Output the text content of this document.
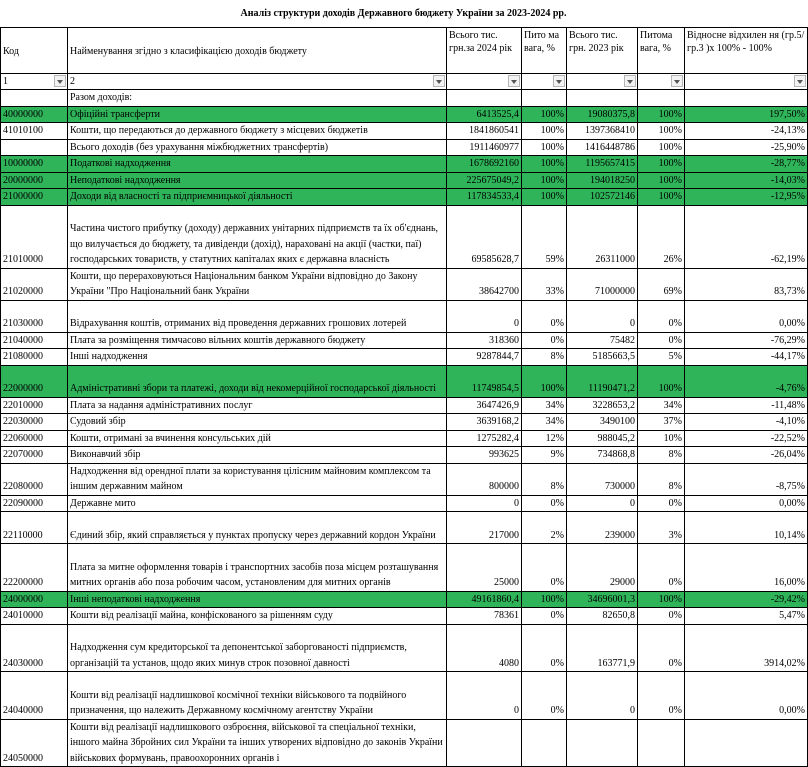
Аналіз структури доходів Державного бюджету України за 2023-2024 рр.
Код	Найменування згідно з класифікацією доходів бюджету	Всього тис. грн.за 2024 рік	Пито ма вага, %	Всього тис. грн. 2023 рік	Питома вага, %	Відносне відхилен ня (гр.5/гр.3 )х 100% - 100%
1	2

	Разом доходів:					
40000000	Офіційні трансферти	6413525,4	100%	19080375,8	100%	197,50%
41010100	Кошти, що передаються до державного бюджету з місцевих бюджетів	1841860541	100%	1397368410	100%	-24,13%
	Всього доходів (без урахування міжбюджетних трансфертів)	1911460977	100%	1416448786	100%	-25,90%
10000000	Податкові надходження	1678692160	100%	1195657415	100%	-28,77%
20000000	Неподаткові надходження	225675049,2	100%	194018250	100%	-14,03%
21000000	Доходи від власності та підприємницької діяльності	117834533,4	100%	102572146	100%	-12,95%
21010000	Частина чистого прибутку (доходу) державних унітарних підприємств та їх об'єднань, що вилучається до бюджету, та дивіденди (дохід), нараховані на акції (частки, паї) господарських товариств, у статутних капіталах яких є державна власність	69585628,7	59%	26311000	26%	-62,19%
21020000	Кошти, що перераховуються Національним банком України відповідно до Закону України "Про Національний банк України	38642700	33%	71000000	69%	83,73%
21030000	Відрахування коштів, отриманих від проведення державних грошових лотерей	0	0%	0	0%	0,00%
21040000	Плата за розміщення тимчасово вільних коштів державного бюджету	318360	0%	75482	0%	-76,29%
21080000	Інші надходження	9287844,7	8%	5185663,5	5%	-44,17%
22000000	Адміністративні збори та платежі, доходи від некомерційної господарської діяльності	11749854,5	100%	11190471,2	100%	-4,76%
22010000	Плата за надання адміністративних послуг	3647426,9	34%	3228653,2	34%	-11,48%
22030000	Судовий збір	3639168,2	34%	3490100	37%	-4,10%
22060000	Кошти, отримані за вчинення консульських дій	1275282,4	12%	988045,2	10%	-22,52%
22070000	Виконавчий збір	993625	9%	734868,8	8%	-26,04%
22080000	Надходження від орендної плати за користування цілісним майновим комплексом та іншим державним майном	800000	8%	730000	8%	-8,75%
22090000	Державне мито	0	0%	0	0%	0,00%
22110000	Єдиний збір, який справляється у пунктах пропуску через державний кордон України	217000	2%	239000	3%	10,14%
22200000	Плата за митне оформлення товарів і транспортних засобів поза місцем розташування митних органів або поза робочим часом, установленим для митних органів	25000	0%	29000	0%	16,00%
24000000	Інші неподаткові надходження	49161860,4	100%	34696001,3	100%	-29,42%
24010000	Кошти від реалізації майна, конфіскованого за рішенням суду	78361	0%	82650,8	0%	5,47%
24030000	Надходження сум кредиторської та депонентської заборгованості підприємств, організацій та установ, щодо яких минув строк позовної давності	4080	0%	163771,9	0%	3914,02%
24040000	Кошти від реалізації надлишкової космічної техніки військового та подвійного призначення, що належить Державному космічному агентству України	0	0%	0	0%	0,00%
24050000	Кошти від реалізації надлишкового озброєння, військової та спеціальної техніки, іншого майна Збройних сил України та інших утворених відповідно до законів України військових формувань, правоохоронних органів і					
